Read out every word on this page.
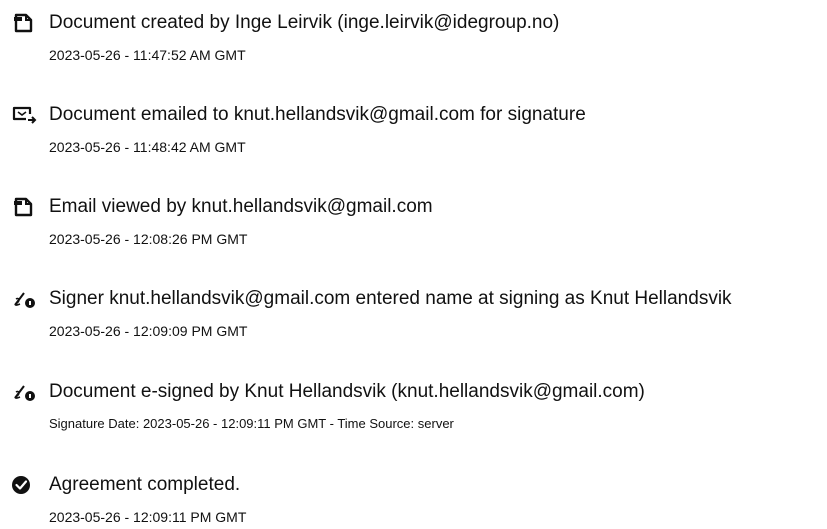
Document created by Inge Leirvik (inge.leirvik@idegroup.no)
2023-05-26 - 11:47:52 AM GMT
Document emailed to knut.hellandsvik@gmail.com for signature
2023-05-26 - 11:48:42 AM GMT
Email viewed by knut.hellandsvik@gmail.com
2023-05-26 - 12:08:26 PM GMT
Signer knut.hellandsvik@gmail.com entered name at signing as Knut Hellandsvik
2023-05-26 - 12:09:09 PM GMT
Document e-signed by Knut Hellandsvik (knut.hellandsvik@gmail.com)
Signature Date: 2023-05-26 - 12:09:11 PM GMT - Time Source: server
Agreement completed.
2023-05-26 - 12:09:11 PM GMT
